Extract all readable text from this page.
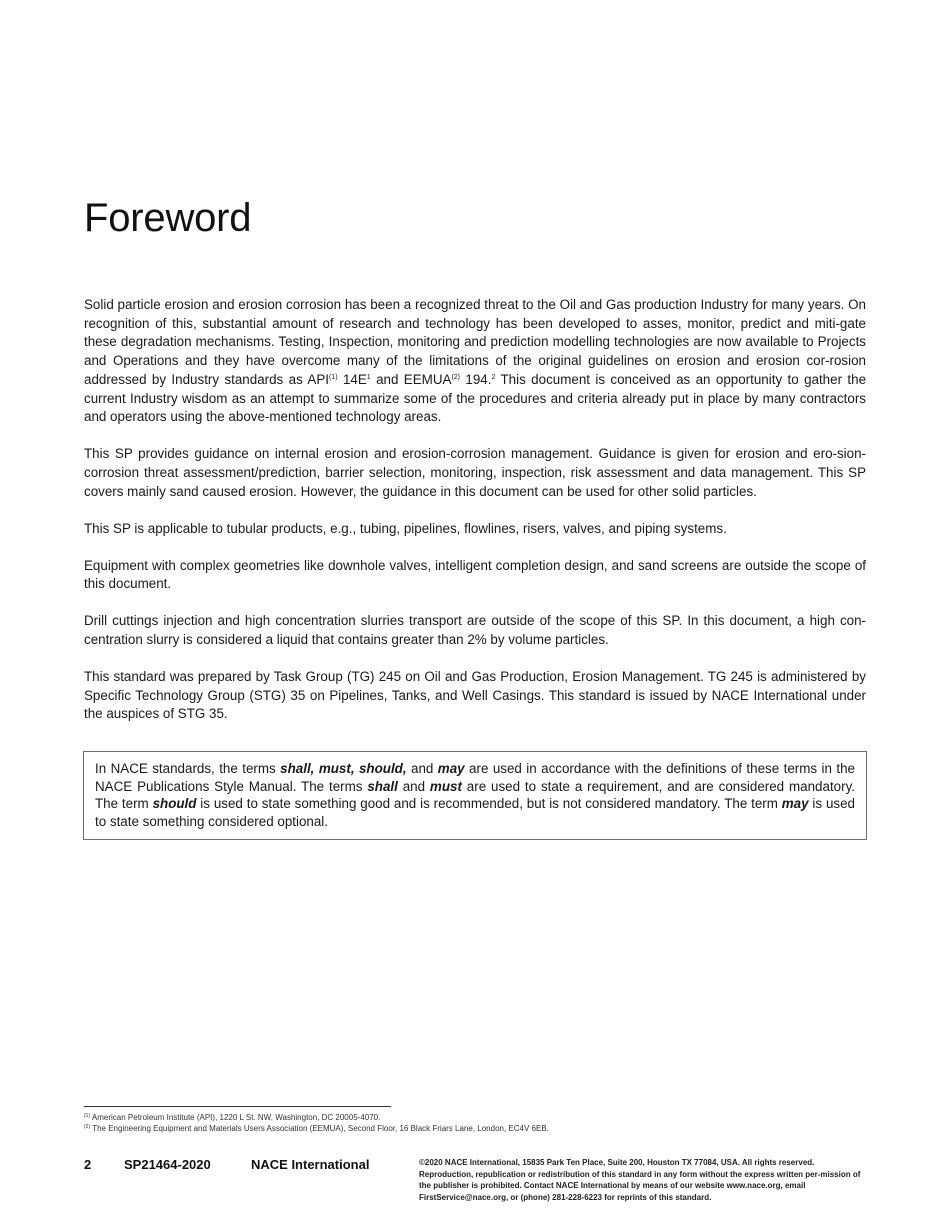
Foreword

Solid particle erosion and erosion corrosion has been a recognized threat to the Oil and Gas production Industry for many years. On recognition of this, substantial amount of research and technology has been developed to asses, monitor, predict and miti-gate these degradation mechanisms. Testing, Inspection, monitoring and prediction modelling technologies are now available to Projects and Operations and they have overcome many of the limitations of the original guidelines on erosion and erosion cor-rosion addressed by Industry standards as API$^{(1)}$ $14E^1$ and EEMUA$^{(2)}$ 194.$^2$ This document is conceived as an opportunity to gather the current Industry wisdom as an attempt to summarize some of the procedures and criteria already put in place by many contractors and operators using the above-mentioned technology areas.

This SP provides guidance on internal erosion and erosion-corrosion management. Guidance is given for erosion and ero-sion-corrosion threat assessment/prediction, barrier selection, monitoring, inspection, risk assessment and data management. This SP covers mainly sand caused erosion. However, the guidance in this document can be used for other solid particles.

This SP is applicable to tubular products, e.g., tubing, pipelines, flowlines, risers, valves, and piping systems.

Equipment with complex geometries like downhole valves, intelligent completion design, and sand screens are outside the scope of this document.

Drill cuttings injection and high concentration slurries transport are outside of the scope of this SP. In this document, a high con-centration slurry is considered a liquid that contains greater than 2% by volume particles.

This standard was prepared by Task Group (TG) 245 on Oil and Gas Production, Erosion Management. TG 245 is administered by Specific Technology Group (STG) 35 on Pipelines, Tanks, and Well Casings. This standard is issued by NACE International under the auspices of STG 35.

In NACE standards, the terms shall, must, should, and may are used in accordance with the definitions of these terms in the NACE Publications Style Manual. The terms shall and must are used to state a requirement, and are considered mandatory. The term should is used to state something good and is recommended, but is not considered mandatory. The term may is used to state something considered optional.
$^{(1)}$ American Petroleum Institute (API), 1220 L St. NW, Washington, DC 20005-4070.
$^{(2)}$ The Engineering Equipment and Materials Users Association (EEMUA), Second Floor, 16 Black Friars Lane, London, EC4V 6EB.
2	SP21464-2020	NACE International	©2020 NACE International, 15835 Park Ten Place, Suite 200, Houston TX 77084, USA. All rights reserved. Reproduction, republication or redistribution of this standard in any form without the express written per-mission of the publisher is prohibited. Contact NACE International by means of our website www.nace.org, email FirstService@nace.org, or (phone) 281-228-6223 for reprints of this standard.
